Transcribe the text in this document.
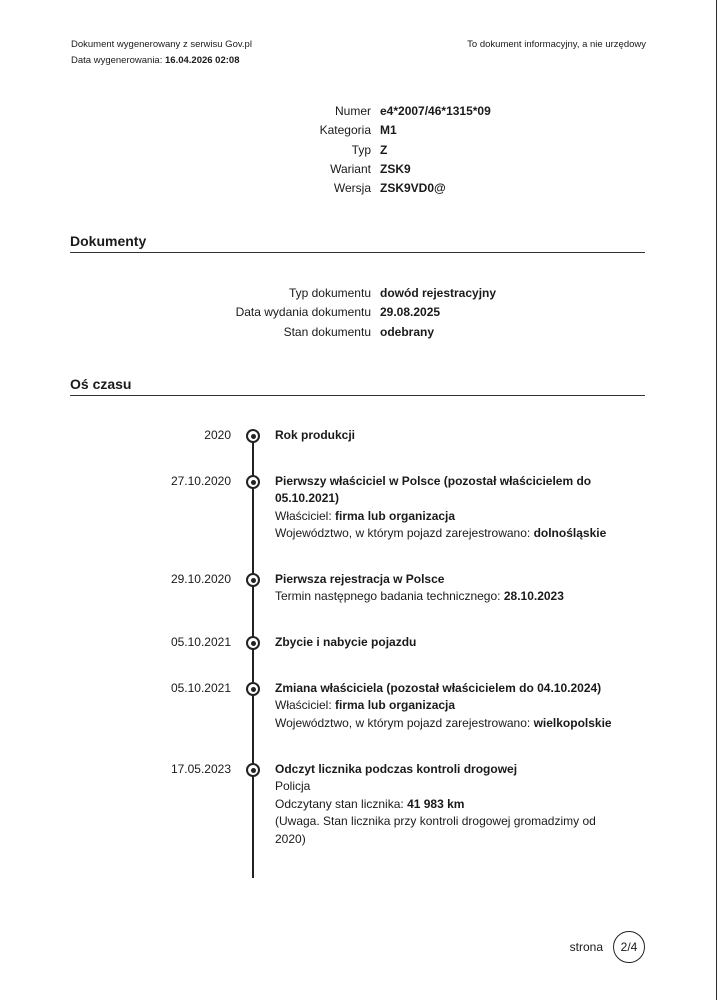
Dokument wygenerowany z serwisu Gov.pl
Data wygenerowania: 16.04.2026 02:08
To dokument informacyjny, a nie urzędowy
Numer e4*2007/46*1315*09
Kategoria M1
Typ Z
Wariant ZSK9
Wersja ZSK9VD0@
Dokumenty
Typ dokumentu dowód rejestracyjny
Data wydania dokumentu 29.08.2025
Stan dokumentu odebrany
Oś czasu
2020	Rok produkcji
27.10.2020	Pierwszy właściciel w Polsce (pozostał właścicielem do 05.10.2021)
Właściciel: firma lub organizacja
Województwo, w którym pojazd zarejestrowano: dolnośląskie
29.10.2020	Pierwsza rejestracja w Polsce
Termin następnego badania technicznego: 28.10.2023
05.10.2021	Zbycie i nabycie pojazdu
05.10.2021	Zmiana właściciela (pozostał właścicielem do 04.10.2024)
Właściciel: firma lub organizacja
Województwo, w którym pojazd zarejestrowano: wielkopolskie
17.05.2023	Odczyt licznika podczas kontroli drogowej
Policja
Odczytany stan licznika: 41 983 km
(Uwaga. Stan licznika przy kontroli drogowej gromadzimy od 2020)
strona	2/4
